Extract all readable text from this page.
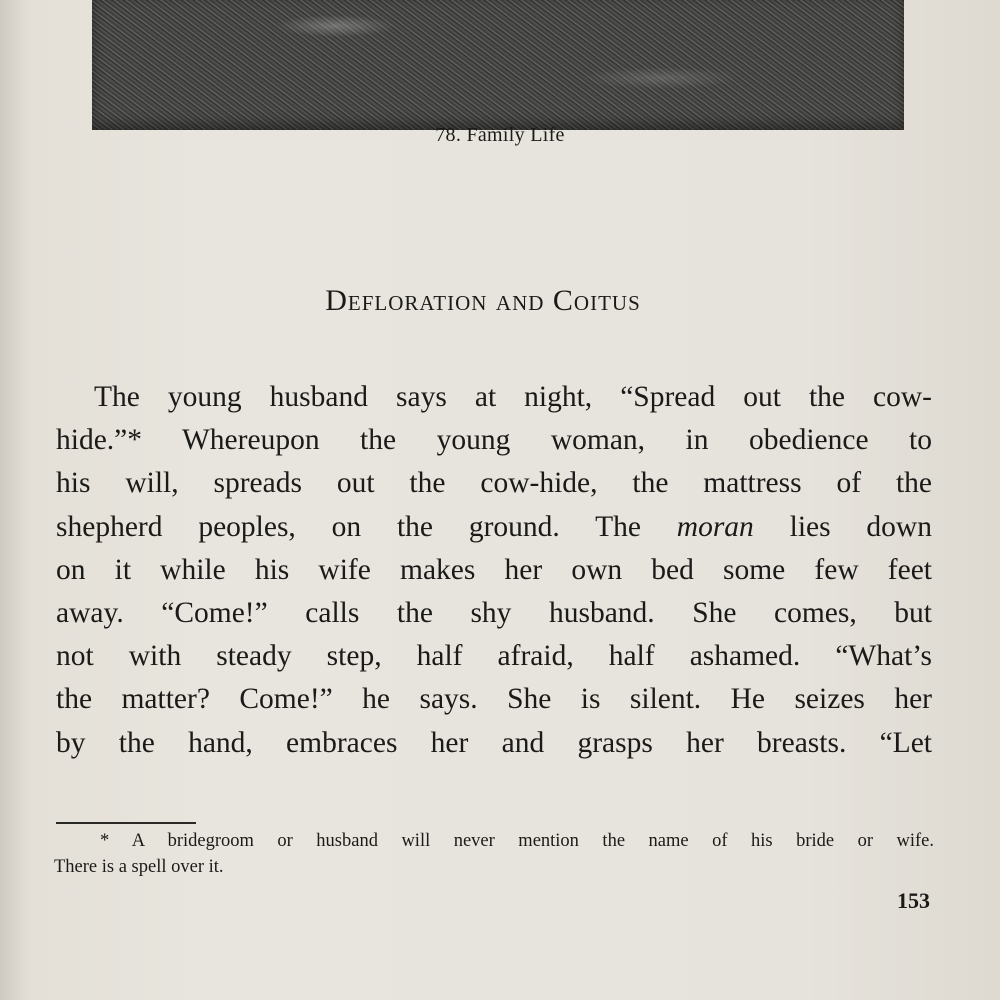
78. Family Life
Defloration and Coitus
The young husband says at night, “Spread out the cow-
hide.”* Whereupon the young woman, in obedience to
his will, spreads out the cow-hide, the mattress of the
shepherd peoples, on the ground. The moran lies down
on it while his wife makes her own bed some few feet
away. “Come!” calls the shy husband. She comes, but
not with steady step, half afraid, half ashamed. “What’s
the matter? Come!” he says. She is silent. He seizes her
by the hand, embraces her and grasps her breasts. “Let
* A bridegroom or husband will never mention the name of his bride or wife.
There is a spell over it.
153
